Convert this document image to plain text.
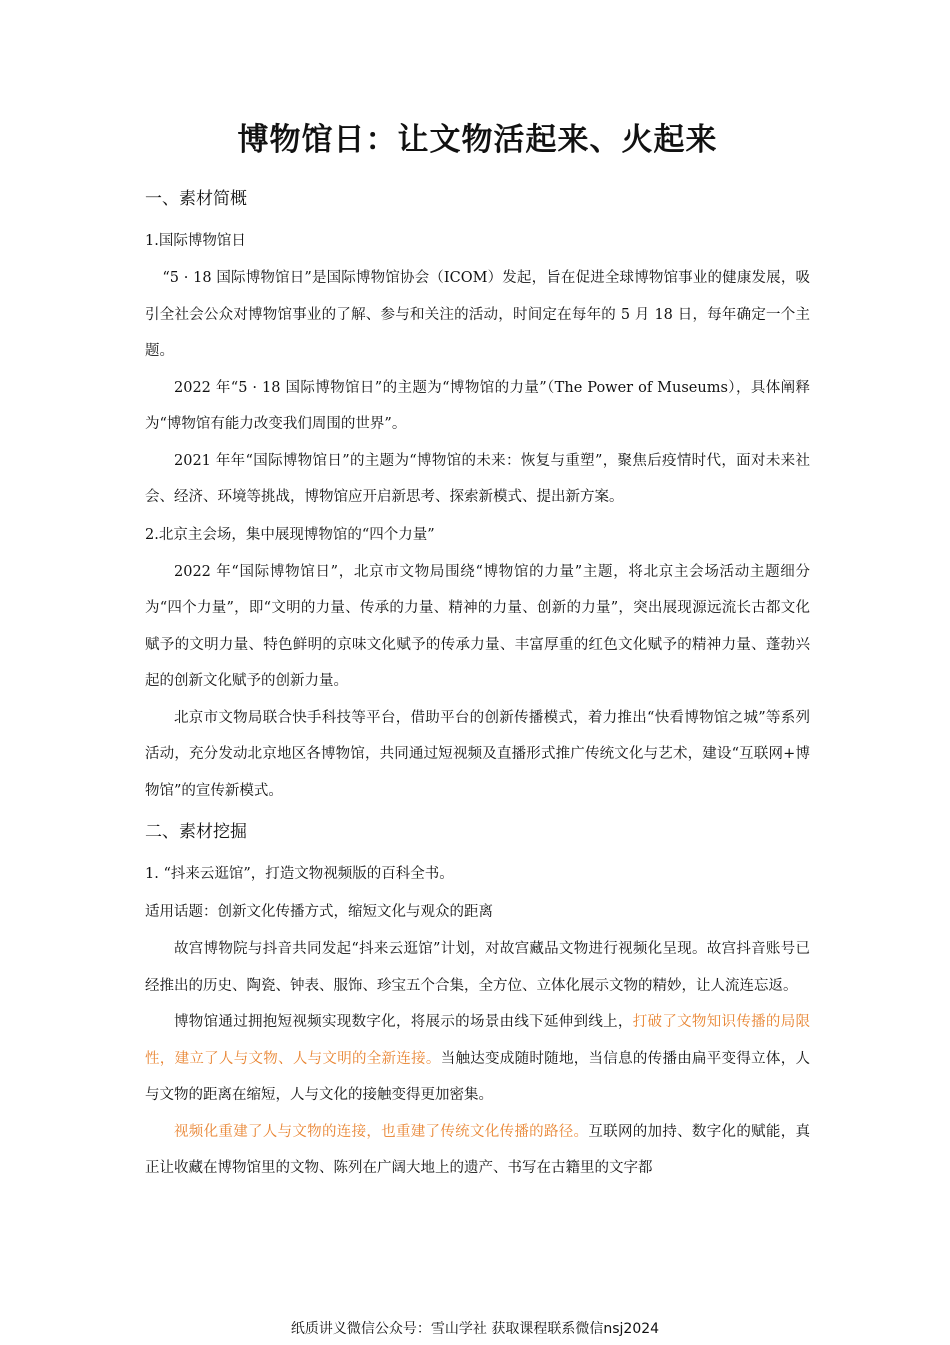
博物馆日：让文物活起来、火起来
一、素材简概
1.国际博物馆日

“5 · 18 国际博物馆日”是国际博物馆协会（ICOM）发起，旨在促进全球博物馆事业的健康发展，吸引全社会公众对博物馆事业的了解、参与和关注的活动，时间定在每年的 5 月 18 日，每年确定一个主题。

2022 年“5 · 18 国际博物馆日”的主题为“博物馆的力量”（The Power of Museums），具体阐释为“博物馆有能力改变我们周围的世界”。

2021 年年“国际博物馆日”的主题为“博物馆的未来：恢复与重塑”，聚焦后疫情时代，面对未来社会、经济、环境等挑战，博物馆应开启新思考、探索新模式、提出新方案。

2.北京主会场，集中展现博物馆的“四个力量”

2022 年“国际博物馆日”，北京市文物局围绕“博物馆的力量”主题，将北京主会场活动主题细分为“四个力量”，即“文明的力量、传承的力量、精神的力量、创新的力量”，突出展现源远流长古都文化赋予的文明力量、特色鲜明的京味文化赋予的传承力量、丰富厚重的红色文化赋予的精神力量、蓬勃兴起的创新文化赋予的创新力量。

北京市文物局联合快手科技等平台，借助平台的创新传播模式，着力推出“快看博物馆之城”等系列活动，充分发动北京地区各博物馆，共同通过短视频及直播形式推广传统文化与艺术，建设“互联网+博物馆”的宣传新模式。

二、素材挖掘
1. “抖来云逛馆”，打造文物视频版的百科全书。
适用话题：创新文化传播方式，缩短文化与观众的距离

故宫博物院与抖音共同发起“抖来云逛馆”计划，对故宫藏品文物进行视频化呈现。故宫抖音账号已经推出的历史、陶瓷、钟表、服饰、珍宝五个合集，全方位、立体化展示文物的精妙，让人流连忘返。

博物馆通过拥抱短视频实现数字化，将展示的场景由线下延伸到线上，打破了文物知识传播的局限性，建立了人与文物、人与文明的全新连接。当触达变成随时随地，当信息的传播由扁平变得立体，人与文物的距离在缩短，人与文化的接触变得更加密集。

视频化重建了人与文物的连接，也重建了传统文化传播的路径。互联网的加持、数字化的赋能，真正让收藏在博物馆里的文物、陈列在广阔大地上的遗产、书写在古籍里的文字都

纸质讲义微信公众号：雪山学社 获取课程联系微信nsj2024
